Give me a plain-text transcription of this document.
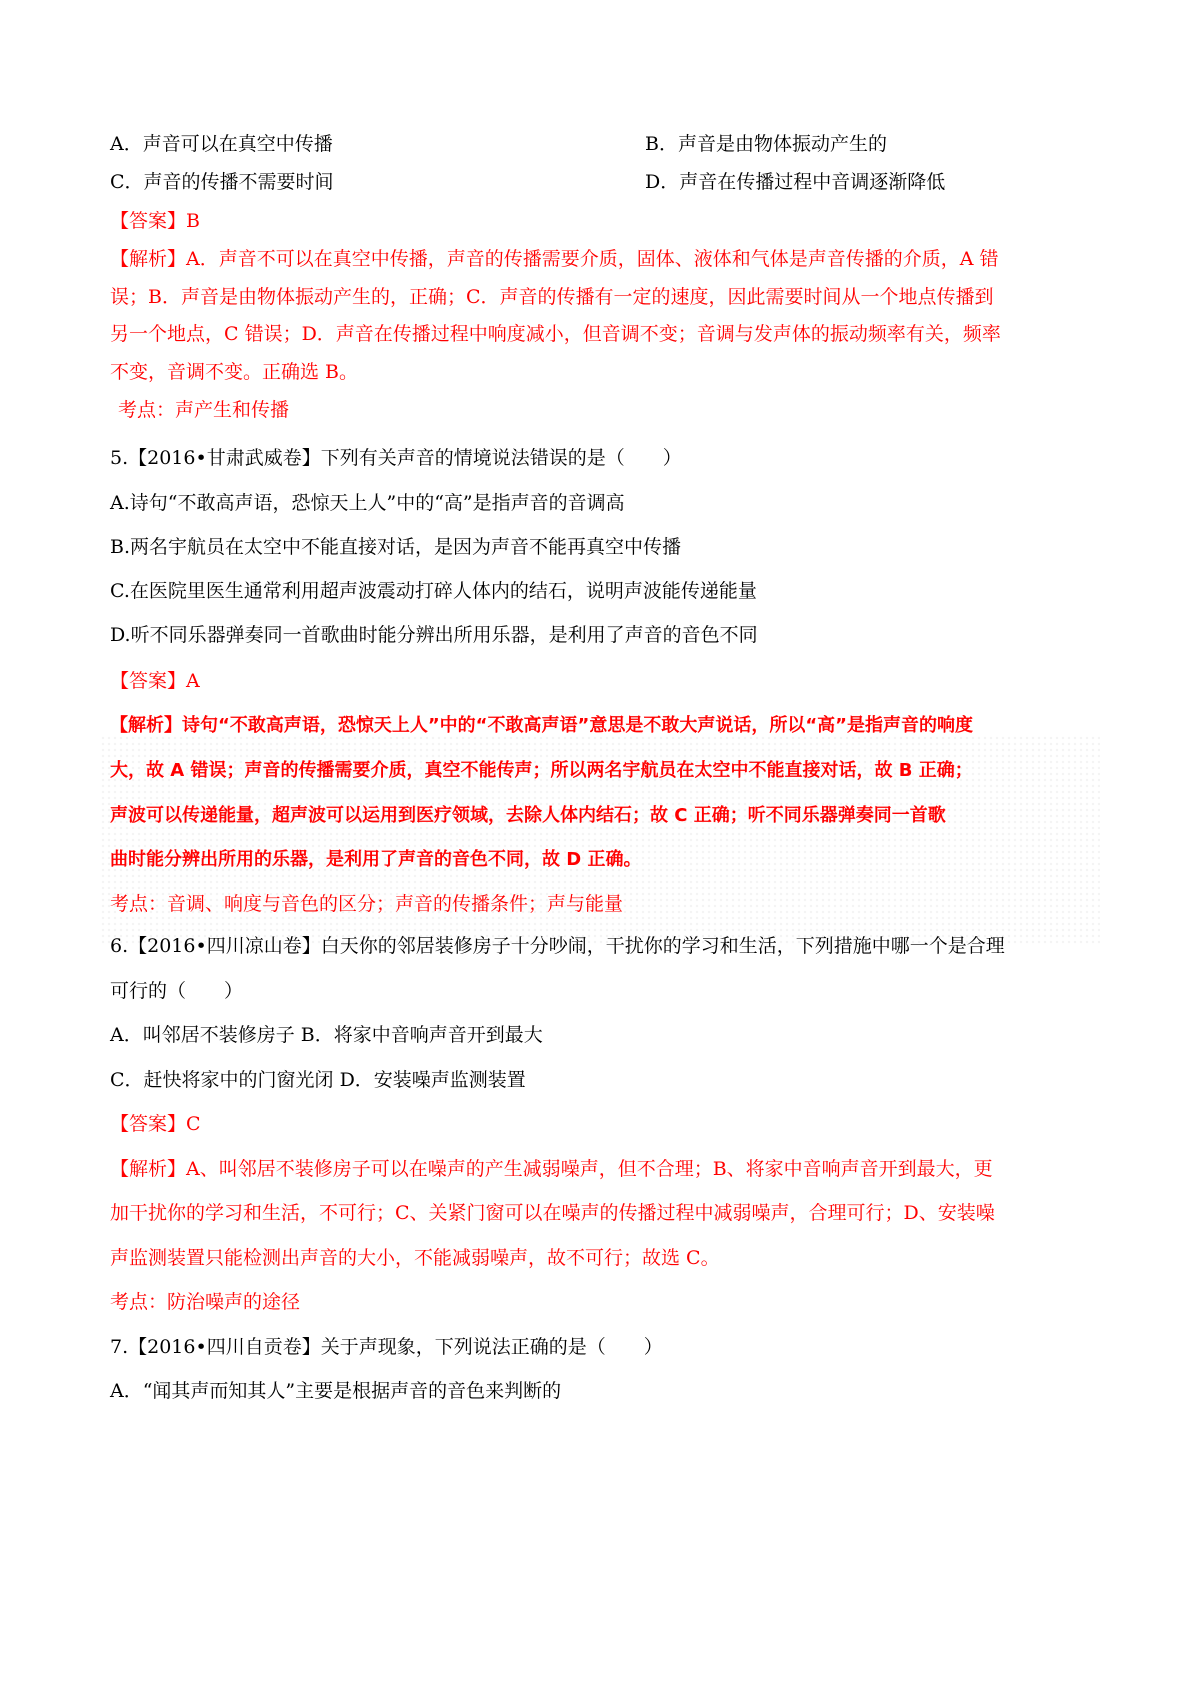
A．声音可以在真空中传播	B．声音是由物体振动产生的
C．声音的传播不需要时间	D．声音在传播过程中音调逐渐降低
【答案】B
【解析】A．声音不可以在真空中传播，声音的传播需要介质，固体、液体和气体是声音传播的介质，A 错
误；B．声音是由物体振动产生的，正确；C．声音的传播有一定的速度，因此需要时间从一个地点传播到
另一个地点，C 错误；D．声音在传播过程中响度减小，但音调不变；音调与发声体的振动频率有关，频率
不变，音调不变。正确选 B。
考点：声产生和传播
5.【2016•甘肃武威卷】下列有关声音的情境说法错误的是（　　）
A.诗句“不敢高声语，恐惊天上人”中的“高”是指声音的音调高
B.两名宇航员在太空中不能直接对话，是因为声音不能再真空中传播
C.在医院里医生通常利用超声波震动打碎人体内的结石，说明声波能传递能量
D.听不同乐器弹奏同一首歌曲时能分辨出所用乐器，是利用了声音的音色不同
【答案】A
【解析】诗句“不敢高声语，恐惊天上人”中的“不敢高声语”意思是不敢大声说话，所以“高”是指声音的响度
大，故 A 错误；声音的传播需要介质，真空不能传声；所以两名宇航员在太空中不能直接对话，故 B 正确；
声波可以传递能量，超声波可以运用到医疗领域，去除人体内结石；故 C 正确；听不同乐器弹奏同一首歌
曲时能分辨出所用的乐器，是利用了声音的音色不同，故 D 正确。
考点：音调、响度与音色的区分；声音的传播条件；声与能量
6.【2016•四川凉山卷】白天你的邻居装修房子十分吵闹，干扰你的学习和生活，下列措施中哪一个是合理
可行的（　　）
A．叫邻居不装修房子 B．将家中音响声音开到最大
C．赶快将家中的门窗光闭 D．安装噪声监测装置
【答案】C
【解析】A、叫邻居不装修房子可以在噪声的产生减弱噪声，但不合理；B、将家中音响声音开到最大，更
加干扰你的学习和生活，不可行；C、关紧门窗可以在噪声的传播过程中减弱噪声，合理可行；D、安装噪
声监测装置只能检测出声音的大小，不能减弱噪声，故不可行；故选 C。
考点：防治噪声的途径
7.【2016•四川自贡卷】关于声现象，下列说法正确的是（　　）
A．“闻其声而知其人”主要是根据声音的音色来判断的
